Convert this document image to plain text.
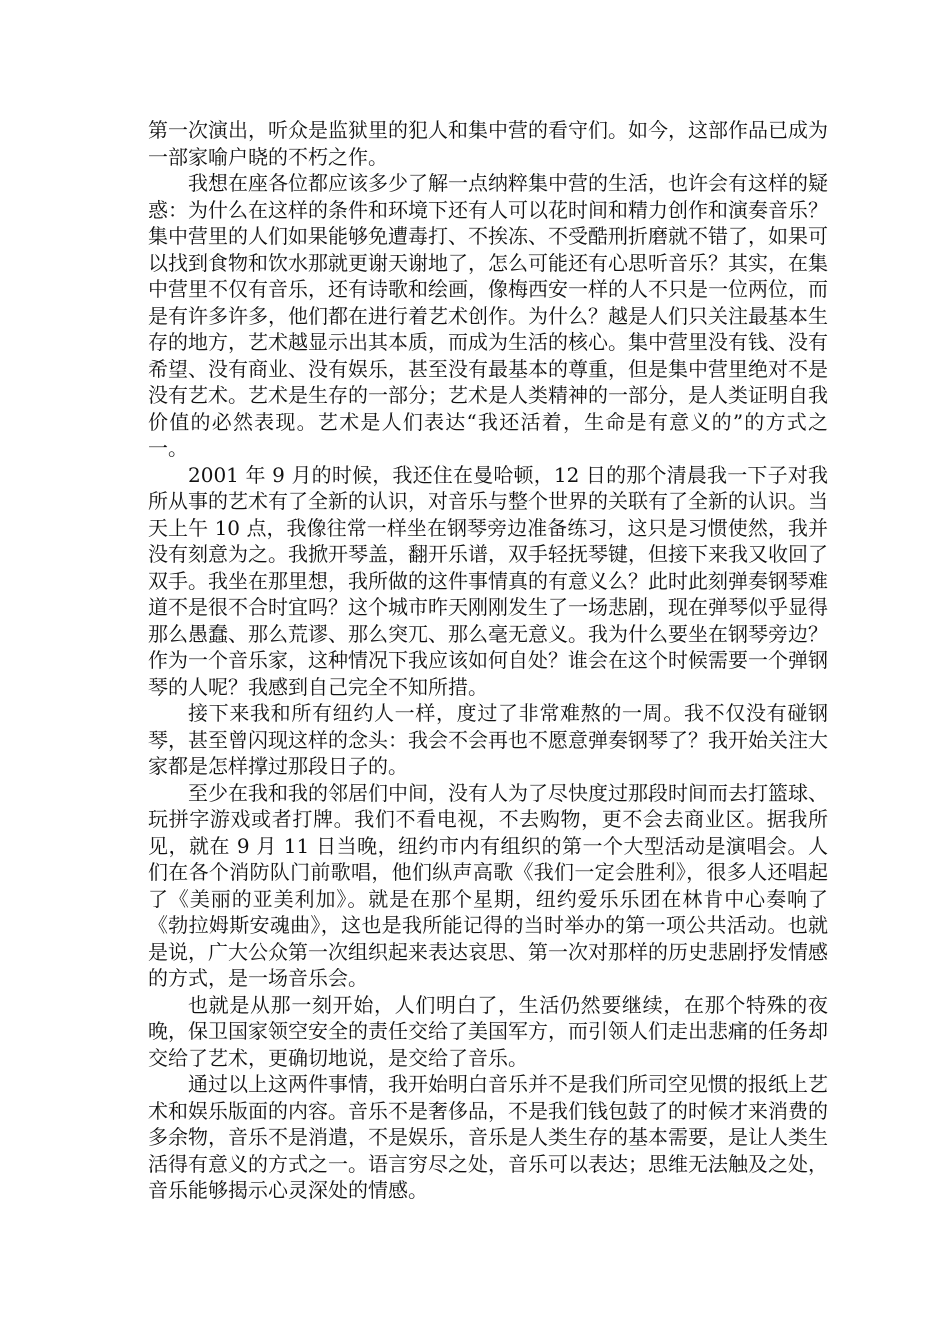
第一次演出，听众是监狱里的犯人和集中营的看守们。如今，这部作品已成为一部家喻户晓的不朽之作。

我想在座各位都应该多少了解一点纳粹集中营的生活，也许会有这样的疑惑：为什么在这样的条件和环境下还有人可以花时间和精力创作和演奏音乐？集中营里的人们如果能够免遭毒打、不挨冻、不受酷刑折磨就不错了，如果可以找到食物和饮水那就更谢天谢地了，怎么可能还有心思听音乐？其实，在集中营里不仅有音乐，还有诗歌和绘画，像梅西安一样的人不只是一位两位，而是有许多许多，他们都在进行着艺术创作。为什么？越是人们只关注最基本生存的地方，艺术越显示出其本质，而成为生活的核心。集中营里没有钱、没有希望、没有商业、没有娱乐，甚至没有最基本的尊重，但是集中营里绝对不是没有艺术。艺术是生存的一部分；艺术是人类精神的一部分，是人类证明自我价值的必然表现。艺术是人们表达“我还活着，生命是有意义的”的方式之一。

2001 年 9 月的时候，我还住在曼哈顿，12 日的那个清晨我一下子对我所从事的艺术有了全新的认识，对音乐与整个世界的关联有了全新的认识。当天上午 10 点，我像往常一样坐在钢琴旁边准备练习，这只是习惯使然，我并没有刻意为之。我掀开琴盖，翻开乐谱，双手轻抚琴键，但接下来我又收回了双手。我坐在那里想，我所做的这件事情真的有意义么？此时此刻弹奏钢琴难道不是很不合时宜吗？这个城市昨天刚刚发生了一场悲剧，现在弹琴似乎显得那么愚蠢、那么荒谬、那么突兀、那么毫无意义。我为什么要坐在钢琴旁边？作为一个音乐家，这种情况下我应该如何自处？谁会在这个时候需要一个弹钢琴的人呢？我感到自己完全不知所措。

接下来我和所有纽约人一样，度过了非常难熬的一周。我不仅没有碰钢琴，甚至曾闪现这样的念头：我会不会再也不愿意弹奏钢琴了？我开始关注大家都是怎样撑过那段日子的。

至少在我和我的邻居们中间，没有人为了尽快度过那段时间而去打篮球、玩拼字游戏或者打牌。我们不看电视，不去购物，更不会去商业区。据我所见，就在 9 月 11 日当晚，纽约市内有组织的第一个大型活动是演唱会。人们在各个消防队门前歌唱，他们纵声高歌《我们一定会胜利》，很多人还唱起了《美丽的亚美利加》。就是在那个星期，纽约爱乐乐团在林肯中心奏响了《勃拉姆斯安魂曲》，这也是我所能记得的当时举办的第一项公共活动。也就是说，广大公众第一次组织起来表达哀思、第一次对那样的历史悲剧抒发情感的方式，是一场音乐会。

也就是从那一刻开始，人们明白了，生活仍然要继续，在那个特殊的夜晚，保卫国家领空安全的责任交给了美国军方，而引领人们走出悲痛的任务却交给了艺术，更确切地说，是交给了音乐。

通过以上这两件事情，我开始明白音乐并不是我们所司空见惯的报纸上艺术和娱乐版面的内容。音乐不是奢侈品，不是我们钱包鼓了的时候才来消费的多余物，音乐不是消遣，不是娱乐，音乐是人类生存的基本需要，是让人类生活得有意义的方式之一。语言穷尽之处，音乐可以表达；思维无法触及之处，音乐能够揭示心灵深处的情感。
